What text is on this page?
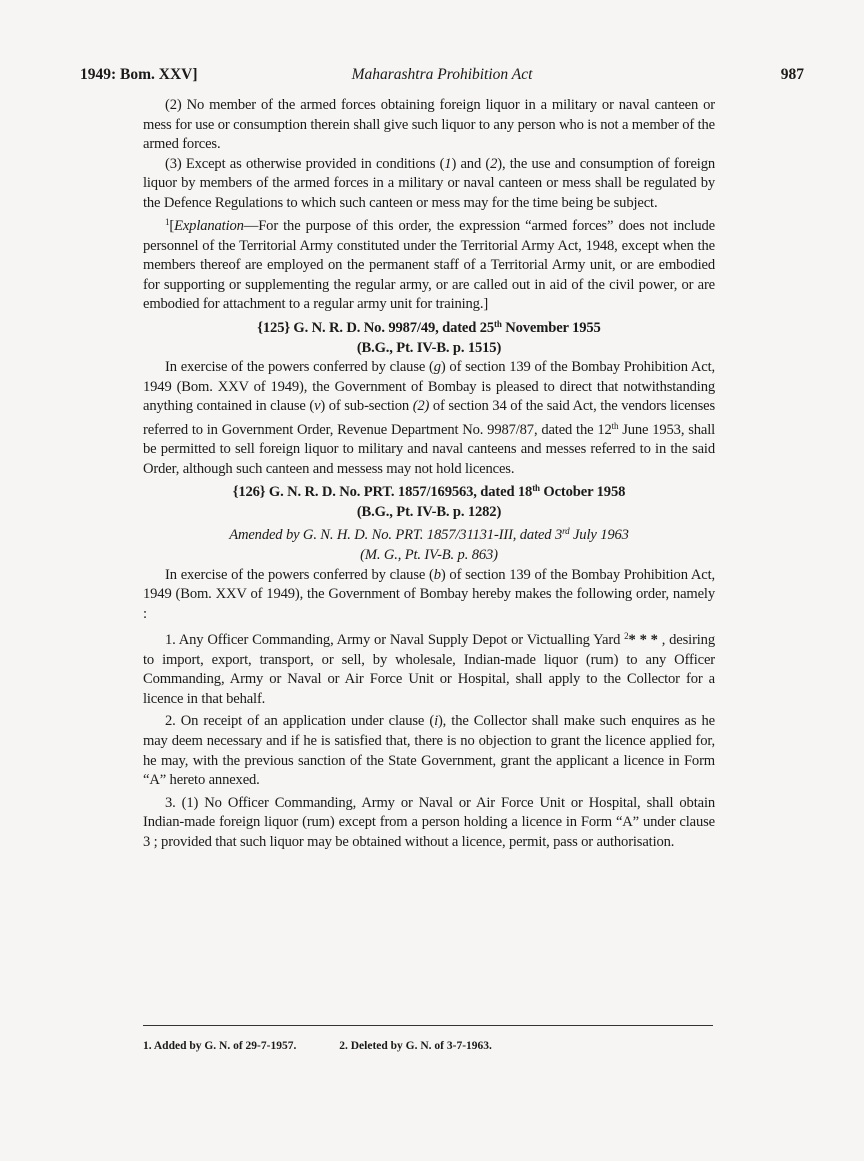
1949: Bom. XXV]	Maharashtra Prohibition Act	987

(2) No member of the armed forces obtaining foreign liquor in a military or naval canteen or mess for use or consumption therein shall give such liquor to any person who is not a member of the armed forces.

(3) Except as otherwise provided in conditions (1) and (2), the use and consumption of foreign liquor by members of the armed forces in a military or naval canteen or mess shall be regulated by the Defence Regulations to which such canteen or mess may for the time being be subject.

$^1$[Explanation—For the purpose of this order, the expression “armed forces” does not include personnel of the Territorial Army constituted under the Territorial Army Act, 1948, except when the members thereof are employed on the permanent staff of a Territorial Army unit, or are embodied for supporting or supplementing the regular army, or are called out in aid of the civil power, or are embodied for attachment to a regular army unit for training.]

{125} G. N. R. D. No. 9987/49, dated 25th November 1955

(B.G., Pt. IV-B. p. 1515)

In exercise of the powers conferred by clause (g) of section 139 of the Bombay Prohibition Act, 1949 (Bom. XXV of 1949), the Government of Bombay is pleased to direct that notwithstanding anything contained in clause (v) of sub-section (2) of section 34 of the said Act, the vendors licenses referred to in Government Order, Revenue Department No. 9987/87, dated the 12th June 1953, shall be permitted to sell foreign liquor to military and naval canteens and messes referred to in the said Order, although such canteen and messess may not hold licences.

{126} G. N. R. D. No. PRT. 1857/169563, dated 18th October 1958

(B.G., Pt. IV-B. p. 1282)

Amended by G. N. H. D. No. PRT. 1857/31131-III, dated 3rd July 1963

(M. G., Pt. IV-B. p. 863)

In exercise of the powers conferred by clause (b) of section 139 of the Bombay Prohibition Act, 1949 (Bom. XXV of 1949), the Government of Bombay hereby makes the following order, namely :

1. Any Officer Commanding, Army or Naval Supply Depot or Victualling Yard $^2$* * * , desiring to import, export, transport, or sell, by wholesale, Indian-made liquor (rum) to any Officer Commanding, Army or Naval or Air Force Unit or Hospital, shall apply to the Collector for a licence in that behalf.

2. On receipt of an application under clause (i), the Collector shall make such enquires as he may deem necessary and if he is satisfied that, there is no objection to grant the licence applied for, he may, with the previous sanction of the State Government, grant the applicant a licence in Form “A” hereto annexed.

3. (1) No Officer Commanding, Army or Naval or Air Force Unit or Hospital, shall obtain Indian-made foreign liquor (rum) except from a person holding a licence in Form “A” under clause 3 ; provided that such liquor may be obtained without a licence, permit, pass or authorisation.

1. Added by G. N. of 29-7-1957.	2. Deleted by G. N. of 3-7-1963.
